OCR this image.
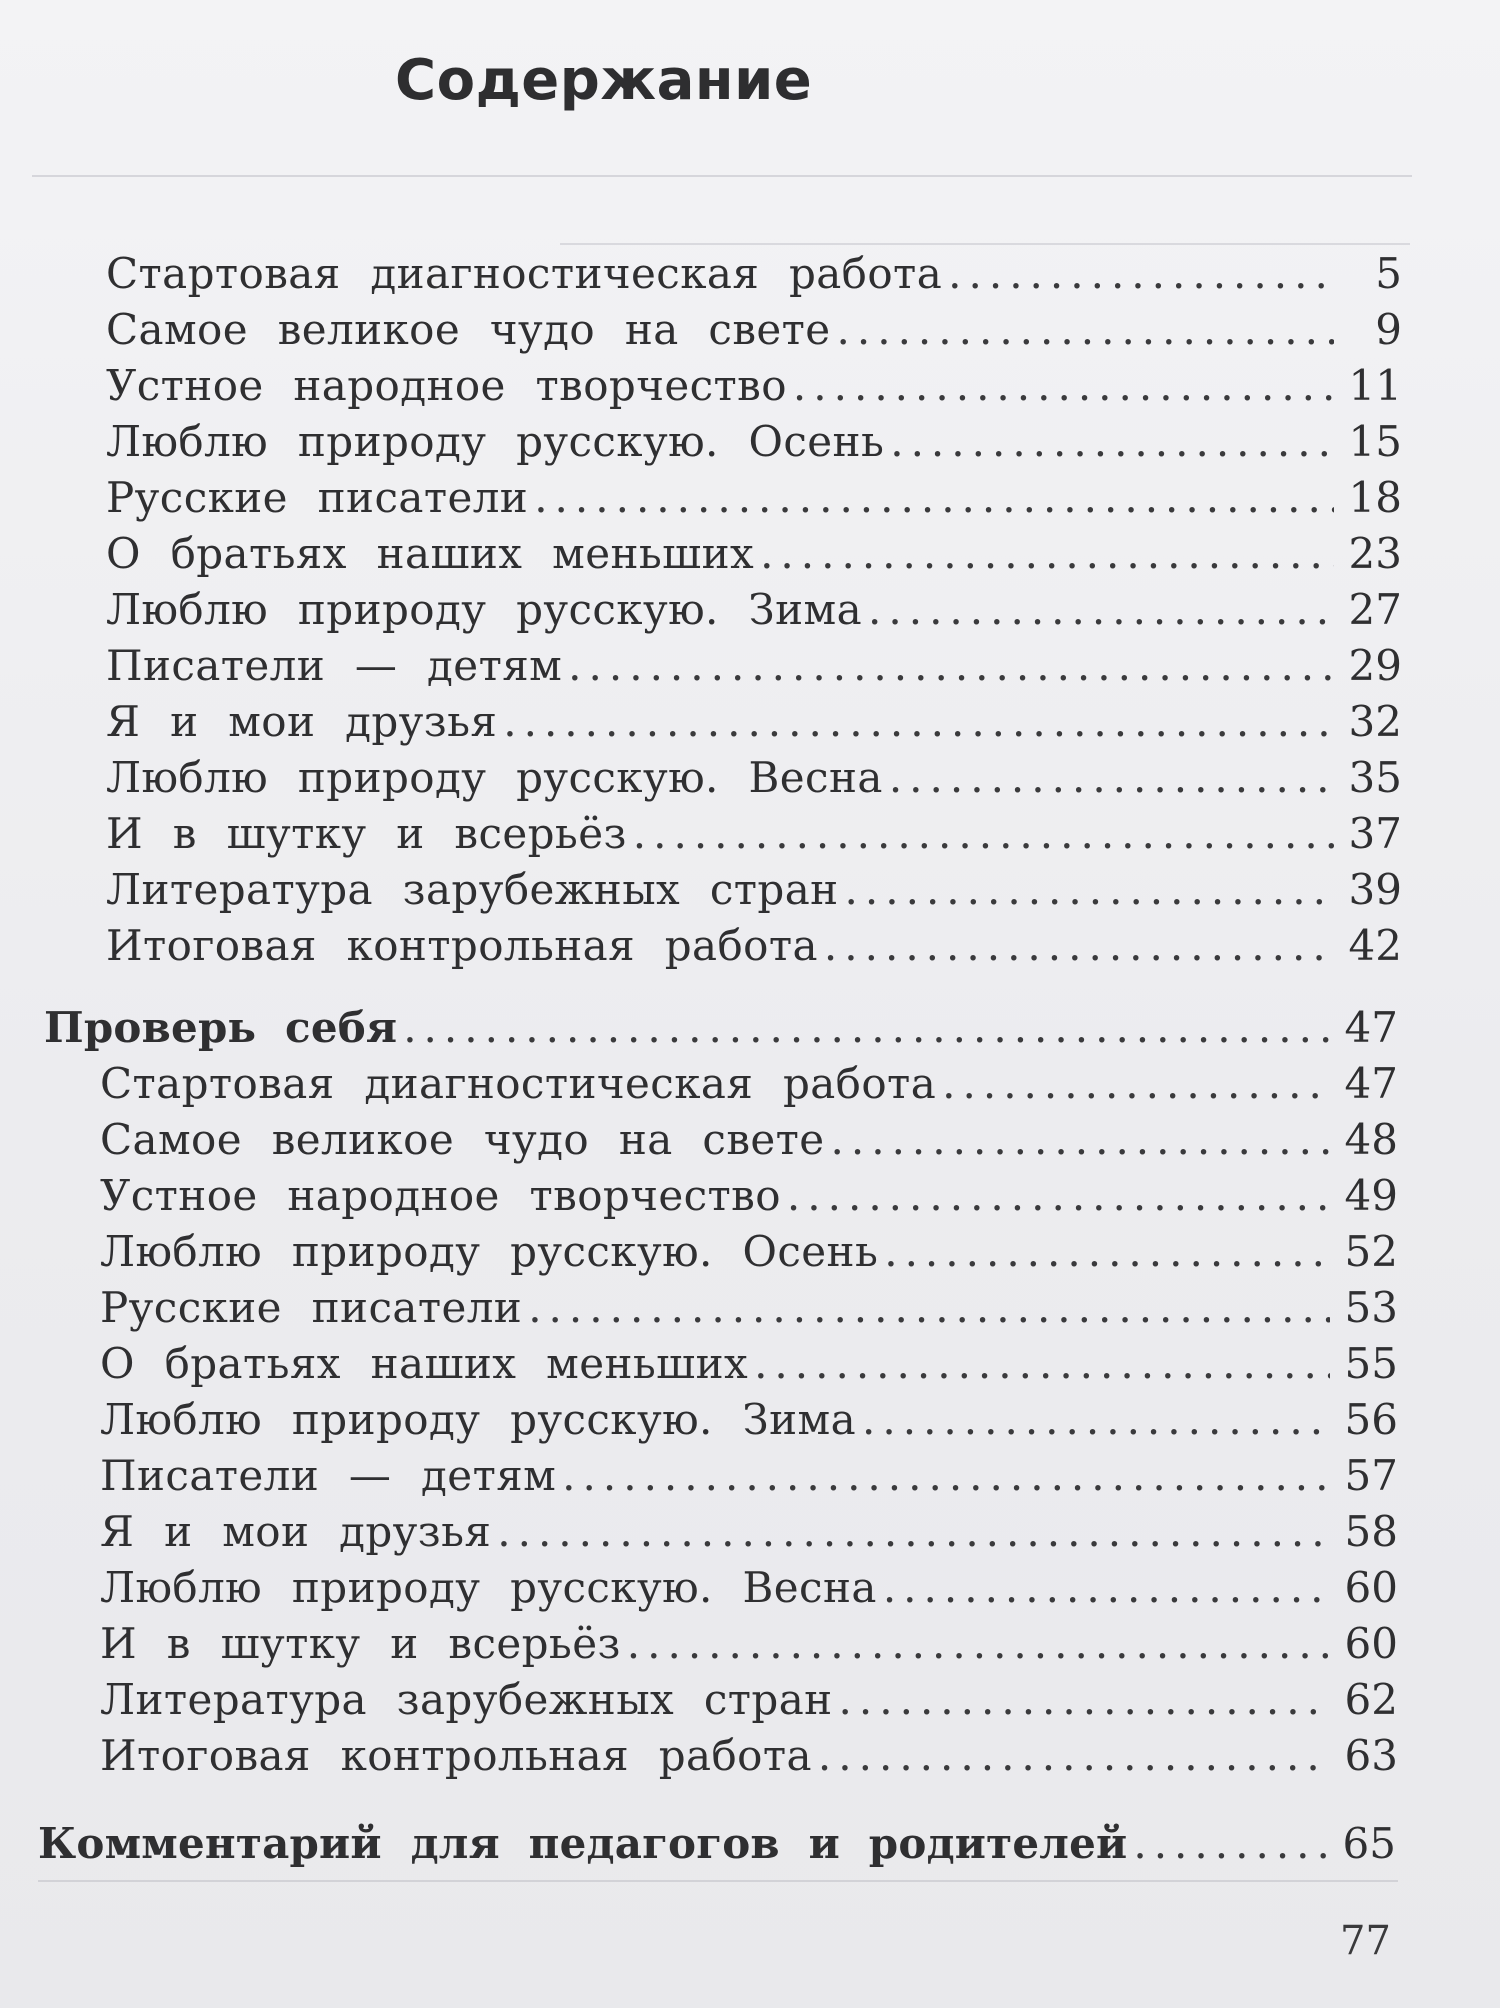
Содержание
Стартовая диагностическая работа .....	5
Самое великое чудо на свете .....	9
Устное народное творчество .....	11
Люблю природу русскую. Осень .....	15
Русские писатели .....	18
О братьях наших меньших .....	23
Люблю природу русскую. Зима .....	27
Писатели — детям .....	29
Я и мои друзья .....	32
Люблю природу русскую. Весна .....	35
И в шутку и всерьёз .....	37
Литература зарубежных стран .....	39
Итоговая контрольная работа .....	42
Проверь себя .....	47
Стартовая диагностическая работа .....	47
Самое великое чудо на свете .....	48
Устное народное творчество .....	49
Люблю природу русскую. Осень .....	52
Русские писатели .....	53
О братьях наших меньших .....	55
Люблю природу русскую. Зима .....	56
Писатели — детям .....	57
Я и мои друзья .....	58
Люблю природу русскую. Весна .....	60
И в шутку и всерьёз .....	60
Литература зарубежных стран .....	62
Итоговая контрольная работа .....	63
Комментарий для педагогов и родителей .....	65
77
